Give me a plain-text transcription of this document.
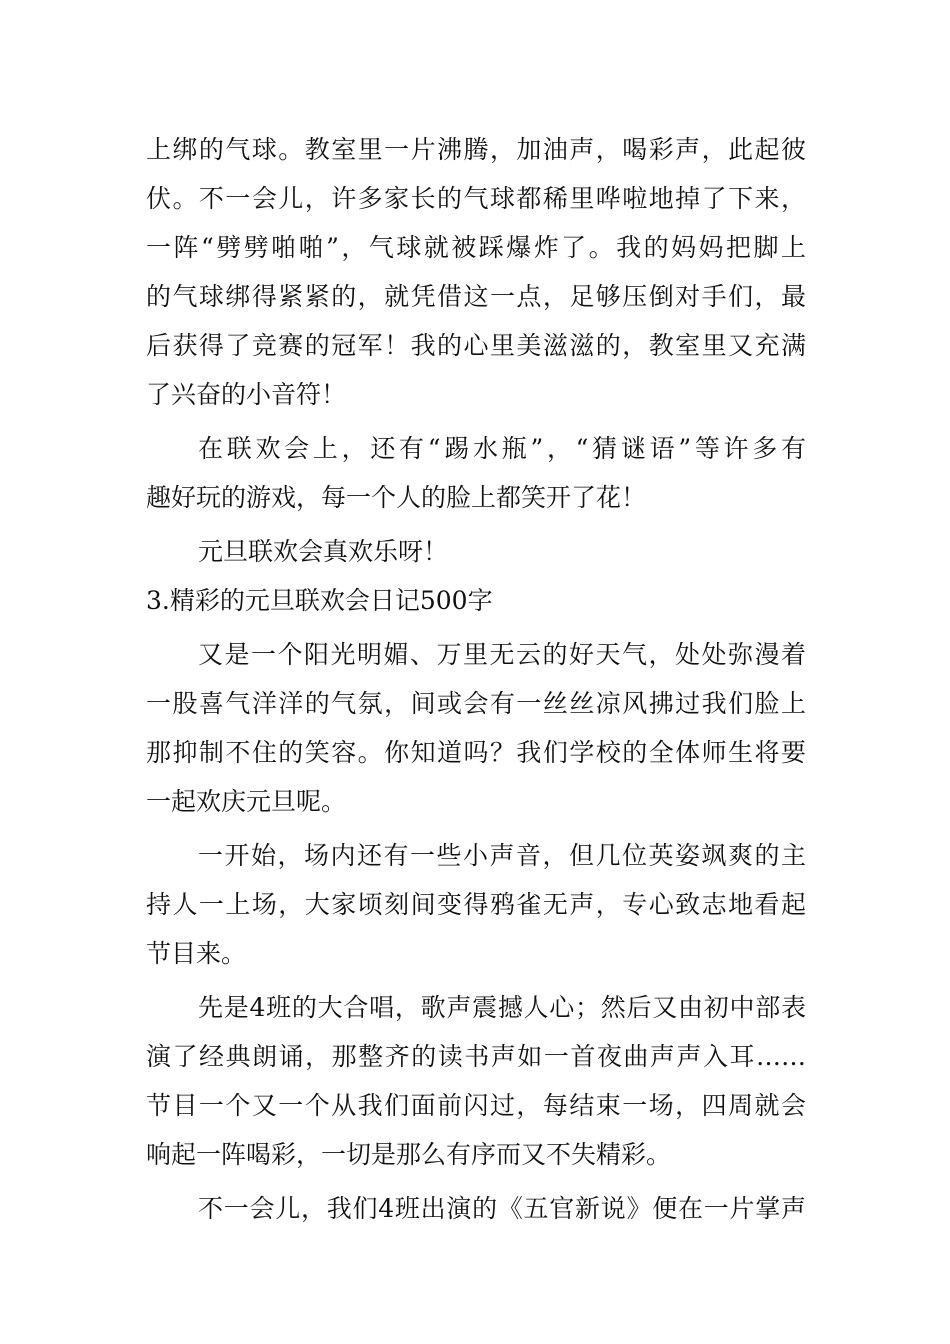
上绑的气球。教室里一片沸腾，加油声，喝彩声，此起彼
伏。不一会儿，许多家长的气球都稀里哗啦地掉了下来，
一阵“劈劈啪啪”，气球就被踩爆炸了。我的妈妈把脚上
的气球绑得紧紧的，就凭借这一点，足够压倒对手们，最
后获得了竞赛的冠军！我的心里美滋滋的，教室里又充满
了兴奋的小音符！
在联欢会上，还有“踢水瓶”，“猜谜语”等许多有
趣好玩的游戏，每一个人的脸上都笑开了花！
元旦联欢会真欢乐呀！
3.精彩的元旦联欢会日记500字
又是一个阳光明媚、万里无云的好天气，处处弥漫着
一股喜气洋洋的气氛，间或会有一丝丝凉风拂过我们脸上
那抑制不住的笑容。你知道吗？我们学校的全体师生将要
一起欢庆元旦呢。
一开始，场内还有一些小声音，但几位英姿飒爽的主
持人一上场，大家顷刻间变得鸦雀无声，专心致志地看起
节目来。
先是4班的大合唱，歌声震撼人心；然后又由初中部表
演了经典朗诵，那整齐的读书声如一首夜曲声声入耳……
节目一个又一个从我们面前闪过，每结束一场，四周就会
响起一阵喝彩，一切是那么有序而又不失精彩。
不一会儿，我们4班出演的《五官新说》便在一片掌声
